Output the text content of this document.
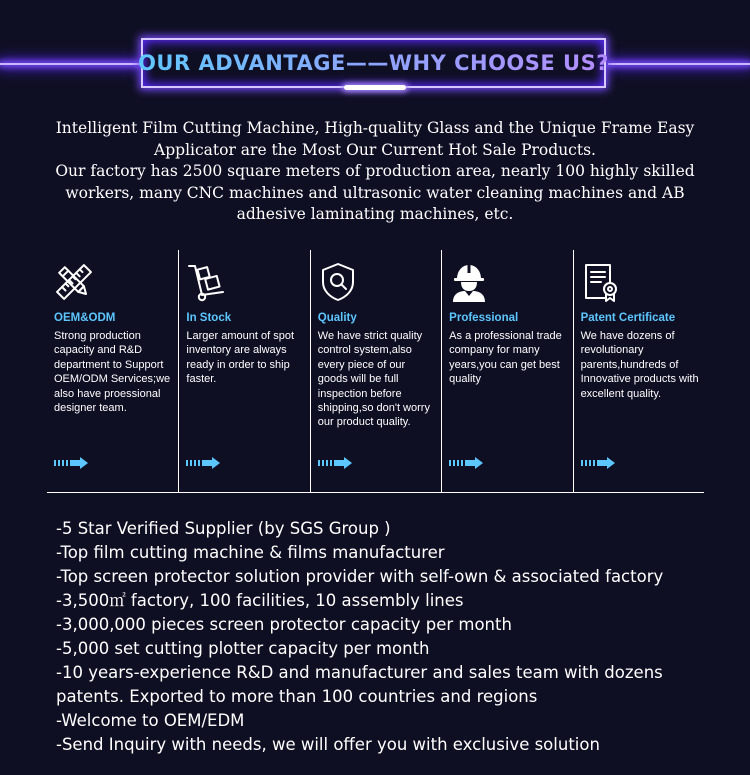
OUR ADVANTAGE——WHY CHOOSE US?

Intelligent Film Cutting Machine, High-quality Glass and the Unique Frame Easy Applicator are the Most Our Current Hot Sale Products.

Our factory has 2500 square meters of production area, nearly 100 highly skilled workers, many CNC machines and ultrasonic water cleaning machines and AB adhesive laminating machines, etc.

OEM&ODM
Strong production capacity and R&D department to Support OEM/ODM Services;we also have proessional designer team.
In Stock
Larger amount of spot inventory are always ready in order to ship faster.
Quality
We have strict quality control system,also every piece of our goods will be full inspection before shipping,so don't worry our product quality.
Professional
As a professional trade company for many years,you can get best quality
Patent Certificate
We have dozens of revolutionary parents,hundreds of Innovative products with excellent quality.
-5 Star Verified Supplier (by SGS Group )
-Top film cutting machine & films manufacturer
-Top screen protector solution provider with self-own & associated factory
-3,500㎡ factory, 100 facilities, 10 assembly lines
-3,000,000 pieces screen protector capacity per month
-5,000 set cutting plotter capacity per month
-10 years-experience R&D and manufacturer and sales team with dozens
patents. Exported to more than 100 countries and regions
-Welcome to OEM/EDM
-Send Inquiry with needs, we will offer you with exclusive solution
